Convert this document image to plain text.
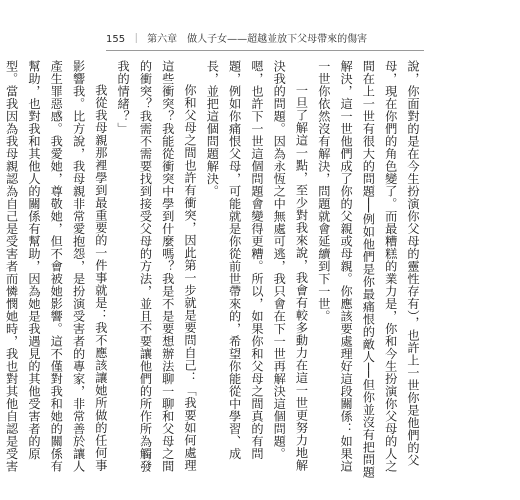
155 ｜ 第六章　做人子女——超越並放下父母帶來的傷害

說，你面對的是在今生扮演你父母的靈性存有），也許上一世你是他們的父母，現在你們的角色變了。而最糟糕的業力是，你和今生扮演你父母的人之間在上一世有很大的問題──例如他們是你最痛恨的敵人──但你並沒有把問題解決，這一世他們成了你的父親或母親。你應該要處理好這段關係：如果這一世你依然沒有解決，問題就會延續到下一世。

一旦了解這一點，至少對我來說，我會有較多動力在這一世更努力地解決我的問題。因為永恆之中無處可逃，我只會在下一世再解決這個問題。嗯，也許下一世這個問題會變得更糟。所以，如果你和父母之間真的有問題，例如你痛恨父母，可能就是你從前世帶來的，希望你能從中學習、成長，並把這個問題解決。

你和父母之間也許有衝突，因此第一步就是要問自己：「我要如何處理這些衝突？我能從衝突中學到什麼嗎？我是不是要想辦法聊一聊和父母之間的衝突？我需不需要找到接受父母的方法，並且不要讓他們的所作所為觸發我的情緒？」

我從我母親那裡學到最重要的一件事就是：我不應該讓她所做的任何事影響我。比方說，我母親非常愛抱怨，是扮演受害者的專家，非常善於讓人產生罪惡感。我愛她，尊敬她，但不會被她影響。這不僅對我和她的關係有幫助，也對我和其他人的關係有幫助，因為她是我遇見的其他受害者的原型。當我因為我母親認為自己是受害者而憐憫她時，我也對其他自認是受害
